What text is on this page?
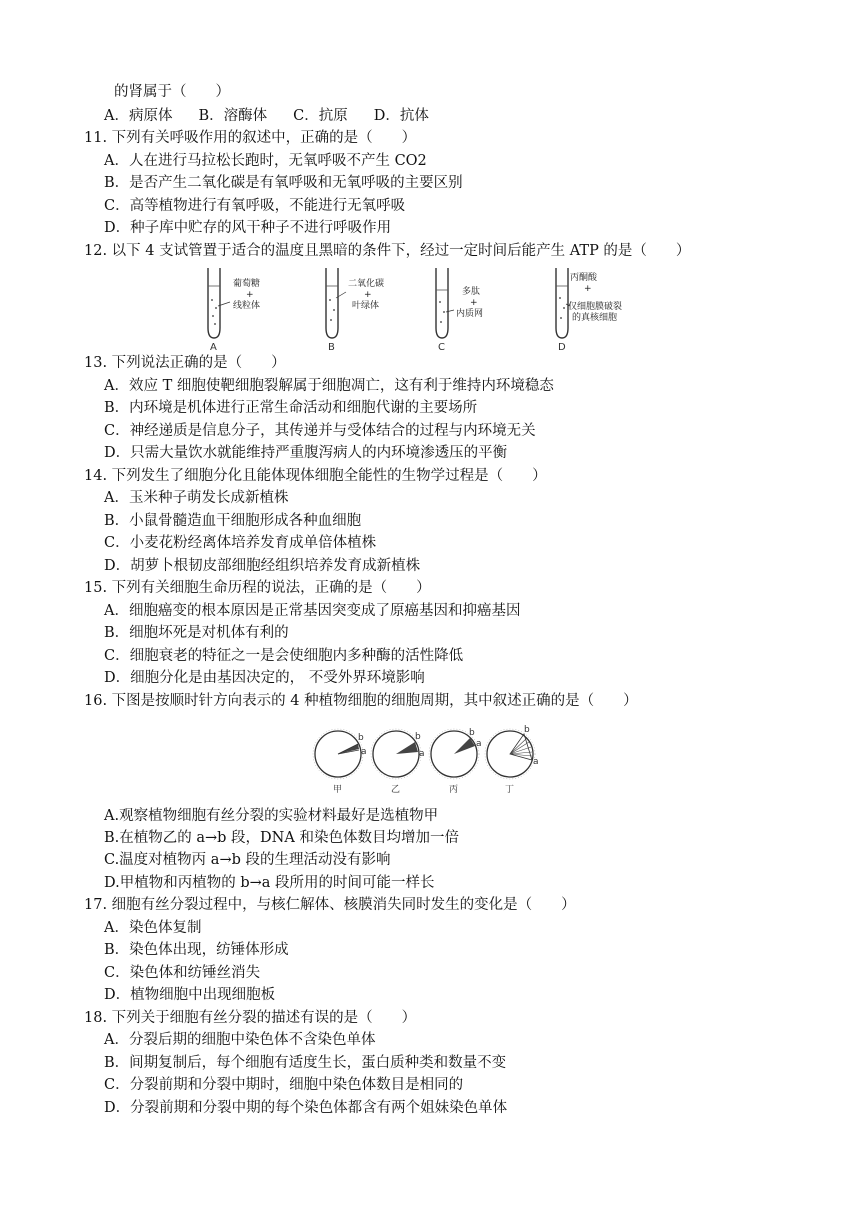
的肾属于（　　）
A．病原体 B．溶酶体 C．抗原 D．抗体
11. 下列有关呼吸作用的叙述中，正确的是（　　）
A．人在进行马拉松长跑时，无氧呼吸不产生 CO2
B．是否产生二氧化碳是有氧呼吸和无氧呼吸的主要区别
C．高等植物进行有氧呼吸，不能进行无氧呼吸
D．种子库中贮存的风干种子不进行呼吸作用
12. 以下 4 支试管置于适合的温度且黑暗的条件下，经过一定时间后能产生 ATP 的是（　　）
葡萄糖
+
线粒体
A
二氧化碳
+
叶绿体
B
多肽
+
内质网
C
丙酮酸
+
仅细胞膜破裂
的真核细胞
D
13. 下列说法正确的是（　　）
A．效应 T 细胞使靶细胞裂解属于细胞凋亡，这有利于维持内环境稳态
B．内环境是机体进行正常生命活动和细胞代谢的主要场所
C．神经递质是信息分子，其传递并与受体结合的过程与内环境无关
D．只需大量饮水就能维持严重腹泻病人的内环境渗透压的平衡
14. 下列发生了细胞分化且能体现体细胞全能性的生物学过程是（　　）
A．玉米种子萌发长成新植株
B．小鼠骨髓造血干细胞形成各种血细胞
C．小麦花粉经离体培养发育成单倍体植株
D．胡萝卜根韧皮部细胞经组织培养发育成新植株
15. 下列有关细胞生命历程的说法，正确的是（　　）
A．细胞癌变的根本原因是正常基因突变成了原癌基因和抑癌基因
B．细胞坏死是对机体有利的
C．细胞衰老的特征之一是会使细胞内多种酶的活性降低
D．细胞分化是由基因决定的， 不受外界环境影响
16. 下图是按顺时针方向表示的 4 种植物细胞的细胞周期，其中叙述正确的是（　　）
b
a
甲
b
a
乙
b
a
丙
b
a
丁
A.观察植物细胞有丝分裂的实验材料最好是选植物甲
B.在植物乙的 a→b 段，DNA 和染色体数目均增加一倍
C.温度对植物丙 a→b 段的生理活动没有影响
D.甲植物和丙植物的 b→a 段所用的时间可能一样长
17. 细胞有丝分裂过程中，与核仁解体、核膜消失同时发生的变化是（　　）
A．染色体复制
B．染色体出现，纺锤体形成
C．染色体和纺锤丝消失
D．植物细胞中出现细胞板
18. 下列关于细胞有丝分裂的描述有误的是（　　）
A．分裂后期的细胞中染色体不含染色单体
B．间期复制后，每个细胞有适度生长，蛋白质种类和数量不变
C．分裂前期和分裂中期时，细胞中染色体数目是相同的
D．分裂前期和分裂中期的每个染色体都含有两个姐妹染色单体
